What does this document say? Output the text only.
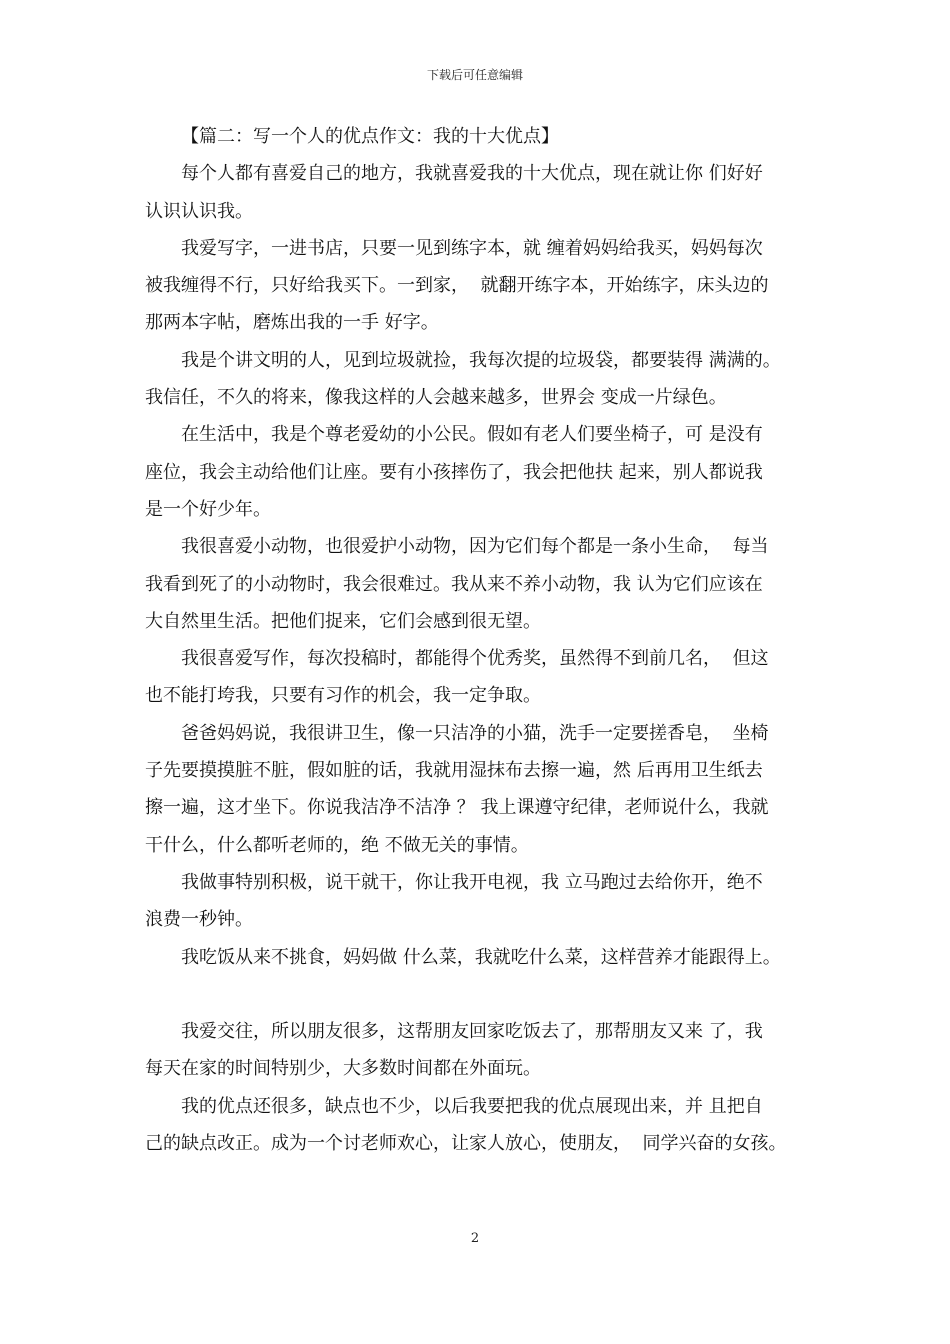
下载后可任意编辑
【篇二：写一个人的优点作文：我的十大优点】
每个人都有喜爱自己的地方，我就喜爱我的十大优点，现在就让你 们好好
认识认识我。
我爱写字，一进书店，只要一见到练字本，就 缠着妈妈给我买，妈妈每次
被我缠得不行，只好给我买下。一到家，  就翻开练字本，开始练字，床头边的
那两本字帖，磨炼出我的一手 好字。
我是个讲文明的人，见到垃圾就捡，我每次提的垃圾袋，都要装得 满满的。
我信任，不久的将来，像我这样的人会越来越多，世界会 变成一片绿色。
在生活中，我是个尊老爱幼的小公民。假如有老人们要坐椅子，可 是没有
座位，我会主动给他们让座。要有小孩摔伤了，我会把他扶 起来，别人都说我
是一个好少年。
我很喜爱小动物，也很爱护小动物，因为它们每个都是一条小生命，  每当
我看到死了的小动物时，我会很难过。我从来不养小动物，我 认为它们应该在
大自然里生活。把他们捉来，它们会感到很无望。
我很喜爱写作，每次投稿时，都能得个优秀奖，虽然得不到前几名，  但这
也不能打垮我，只要有习作的机会，我一定争取。
爸爸妈妈说，我很讲卫生，像一只洁净的小猫，洗手一定要搓香皂，  坐椅
子先要摸摸脏不脏，假如脏的话，我就用湿抹布去擦一遍，然 后再用卫生纸去
擦一遍，这才坐下。你说我洁净不洁净 ？ 我上课遵守纪律，老师说什么，我就
干什么，什么都听老师的，绝 不做无关的事情。
我做事特别积极，说干就干，你让我开电视，我 立马跑过去给你开，绝不
浪费一秒钟。
我吃饭从来不挑食，妈妈做 什么菜，我就吃什么菜，这样营养才能跟得上。
我爱交往，所以朋友很多，这帮朋友回家吃饭去了，那帮朋友又来 了，我
每天在家的时间特别少，大多数时间都在外面玩。
我的优点还很多，缺点也不少，以后我要把我的优点展现出来，并 且把自
己的缺点改正。成为一个讨老师欢心，让家人放心，使朋友，  同学兴奋的女孩。
2
